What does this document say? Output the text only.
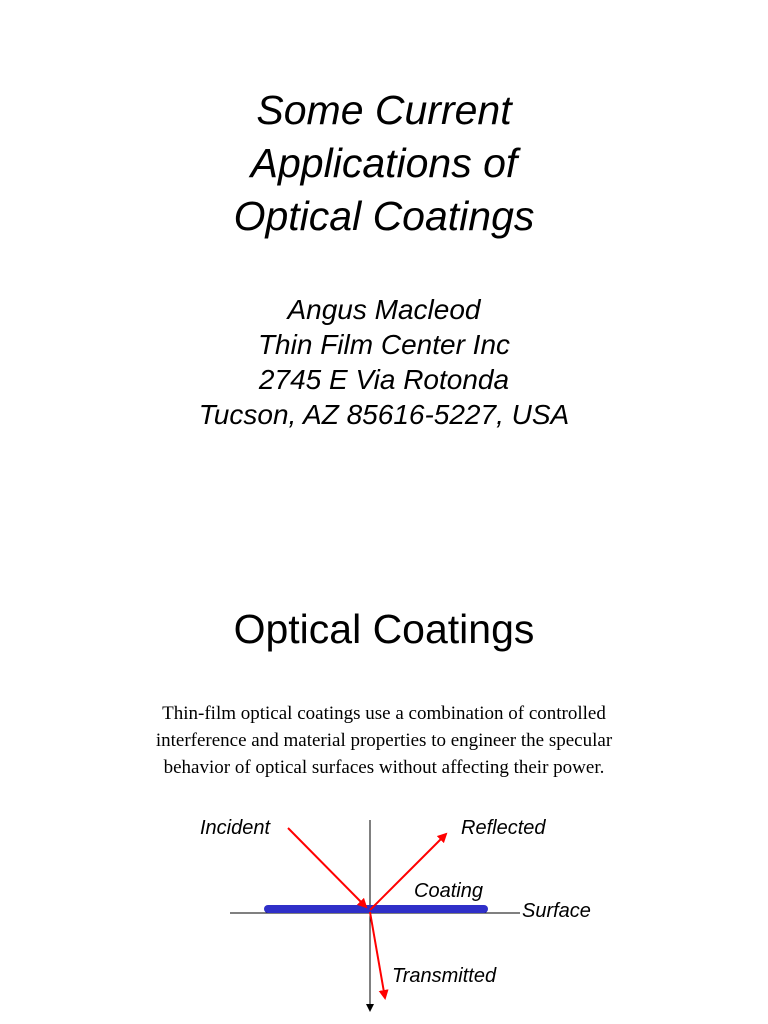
Some Current
Applications of
Optical Coatings
Angus Macleod
Thin Film Center Inc
2745 E Via Rotonda
Tucson, AZ 85616-5227, USA
Optical Coatings
Thin-film optical coatings use a combination of controlled
interference and material properties to engineer the specular
behavior of optical surfaces without affecting their power.
Incident	Reflected
Coating
Surface
Transmitted
